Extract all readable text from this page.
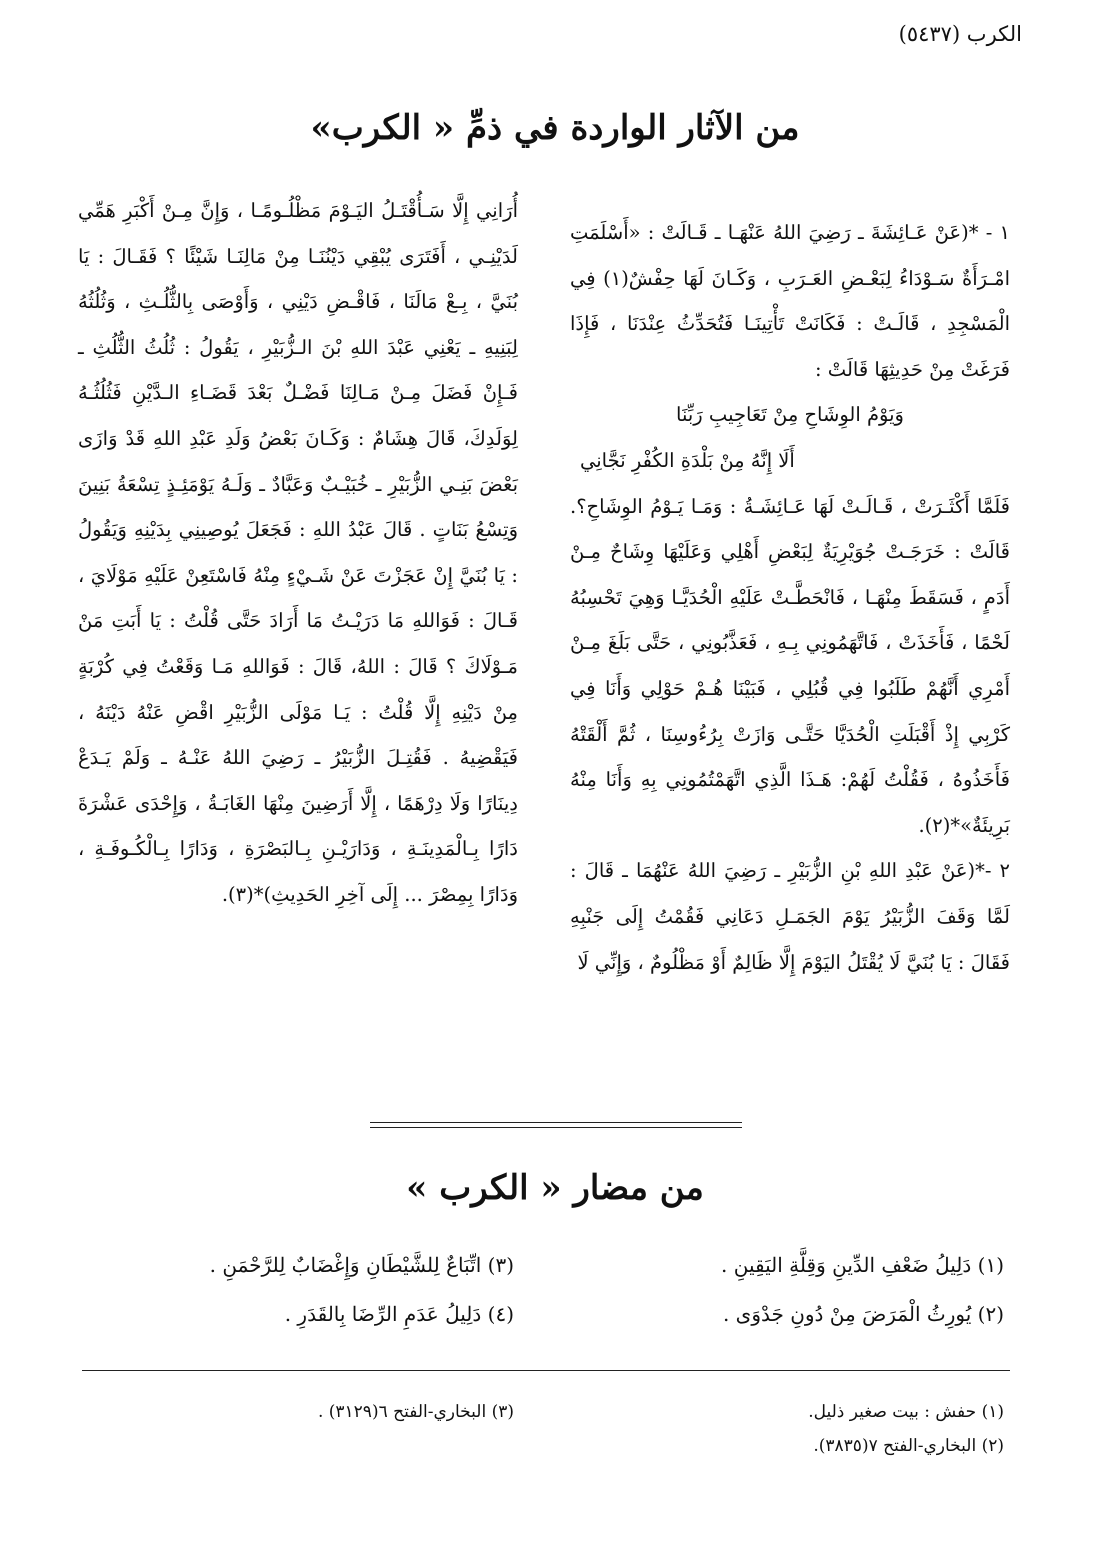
الكرب (٥٤٣٧)
من الآثار الواردة في ذمِّ « الكرب»

١ - *(عَنْ عَـائِشَةَ ـ رَضِيَ اللهُ عَنْهَـا ـ قَـالَتْ : «أَسْلَمَتِ امْـرَأَةٌ سَـوْدَاءُ لِبَعْـضِ العَـرَبِ ، وَكَـانَ لَهَا حِفْشٌ(١) فِي الْمَسْجِدِ ، قَالَـتْ : فَكَانَتْ تَأْتِينَـا فَتُحَدِّثُ عِنْدَنَا ، فَإِذَا فَرَغَتْ مِنْ حَدِيثِهَا قَالَتْ :

وَيَوْمُ الوِشَاحِ مِنْ تَعَاجِيبِ رَبِّنَا

أَلَا إِنَّهُ مِنْ بَلْدَةِ الكُفْرِ نَجَّانِي

فَلَمَّا أَكْثَـرَتْ ، قَـالَـتْ لَهَا عَـائِشَـةُ : وَمَـا يَـوْمُ الوِشَاحِ؟. قَالَتْ : خَرَجَـتْ جُوَيْرِيَةٌ لِبَعْضِ أَهْلِي وَعَلَيْهَا وِشَاحٌ مِـنْ أَدَمٍ ، فَسَقَطَ مِنْهَـا ، فَانْحَطَّـتْ عَلَيْهِ الْحُدَيَّـا وَهِيَ تَحْسِبُهُ لَحْمًا ، فَأَخَذَتْ ، فَاتَّهَمُونِي بِـهِ ، فَعَذَّبُونِي ، حَتَّى بَلَغَ مِـنْ أَمْرِي أَنَّهُمْ طَلَبُوا فِي قُبُلِي ، فَبَيْنَا هُـمْ حَوْلِي وَأَنَا فِي كَرْبِي إِذْ أَقْبَلَتِ الْحُدَيَّا حَتَّـى وَازَتْ بِرُءُوسِنَا ، ثُمَّ أَلْقَتْهُ فَأَخَذُوهُ ، فَقُلْتُ لَهُمْ: هَـذَا الَّذِي اتَّهَمْتُمُونِي بِهِ وَأَنَا مِنْهُ بَرِيئَةٌ»*(٢).

٢ -*(عَنْ عَبْدِ اللهِ بْنِ الزُّبَيْرِ ـ رَضِيَ اللهُ عَنْهُمَا ـ قَالَ : لَمَّا وَقَفَ الزُّبَيْرُ يَوْمَ الجَمَـلِ دَعَانِي فَقُمْتُ إِلَى جَنْبِهِ فَقَالَ : يَا بُنَيَّ لَا يُقْتَلُ اليَوْمَ إِلَّا ظَالِمٌ أَوْ مَظْلُومٌ ، وَإِنِّي لَا

أُرَانِي إِلَّا سَـأُقْتَـلُ اليَـوْمَ مَظْلُـومًـا ، وَإِنَّ مِـنْ أَكْبَرِ هَمِّي لَدَيْنِـي ، أَفَتَرَى يُبْقِي دَيْنُنَـا مِنْ مَالِنَـا شَيْئًا ؟ فَقَـالَ : يَا بُنَيَّ ، بِـعْ مَالَنَا ، فَاقْـضِ دَيْنِي ، وَأَوْصَى بِالثُّلُـثِ ، وَثُلُثُهُ لِبَنِيهِ ـ يَعْنِي عَبْدَ اللهِ بْنَ الـزُّبَيْرِ ، يَقُولُ : ثُلُثُ الثُّلُثِ ـ فَـإِنْ فَضَلَ مِـنْ مَـالِنَا فَضْـلٌ بَعْدَ قَضَـاءِ الـدَّيْنِ فَثُلُثُـهُ لِوَلَدِكَ، قَالَ هِشَامٌ : وَكَـانَ بَعْضُ وَلَدِ عَبْدِ اللهِ قَدْ وَازَى بَعْضَ بَنِـي الزُّبَيْرِ ـ خُبَيْـبٌ وَعَبَّادٌ ـ وَلَـهُ يَوْمَئِـذٍ تِسْعَةُ بَنِينَ وَتِسْعُ بَنَاتٍ . قَالَ عَبْدُ اللهِ : فَجَعَلَ يُوصِينِي بِدَيْنِهِ وَيَقُولُ : يَا بُنَيَّ إِنْ عَجَزْتَ عَنْ شَـيْءٍ مِنْهُ فَاسْتَعِنْ عَلَيْهِ مَوْلَايَ ، قَـالَ : فَوَاللهِ مَا دَرَيْـتُ مَا أَرَادَ حَتَّى قُلْتُ : يَا أَبَتِ مَنْ مَـوْلَاكَ ؟ قَالَ : اللهُ، قَالَ : فَوَاللهِ مَـا وَقَعْتُ فِي كُرْبَةٍ مِنْ دَيْنِهِ إِلَّا قُلْتُ : يَـا مَوْلَى الزُّبَيْرِ اقْضِ عَنْهُ دَيْنَهُ ، فَيَقْضِيهُ . فَقُتِـلَ الزُّبَيْرُ ـ رَضِيَ اللهُ عَنْـهُ ـ وَلَمْ يَـدَعْ دِينَارًا وَلَا دِرْهَمًا ، إِلَّا أَرَضِينَ مِنْهَا الغَابَـةُ ، وَإِحْدَى عَشْرَةَ دَارًا بِـالْمَدِينَـةِ ، وَدَارَيْـنِ بِـالبَصْرَةِ ، وَدَارًا بِـالْكُـوفَـةِ ، وَدَارًا بِمِصْرَ ... إِلَى آخِرِ الحَدِيثِ)*(٣).

من مضار « الكرب »
(١) دَلِيلُ ضَعْفِ الدِّينِ وَقِلَّةِ اليَقِينِ .
(٢) يُورِثُ الْمَرَضَ مِنْ دُونِ جَدْوَى .
(٣) اتِّبَاعٌ لِلشَّيْطَانِ وَإِغْضَابٌ لِلرَّحْمَنِ .
(٤) دَلِيلُ عَدَمِ الرِّضَا بِالقَدَرِ .
(١) حفش : بيت صغير ذليل.
(٢) البخاري-الفتح ٧(٣٨٣٥).
(٣) البخاري-الفتح ٦(٣١٢٩) .
